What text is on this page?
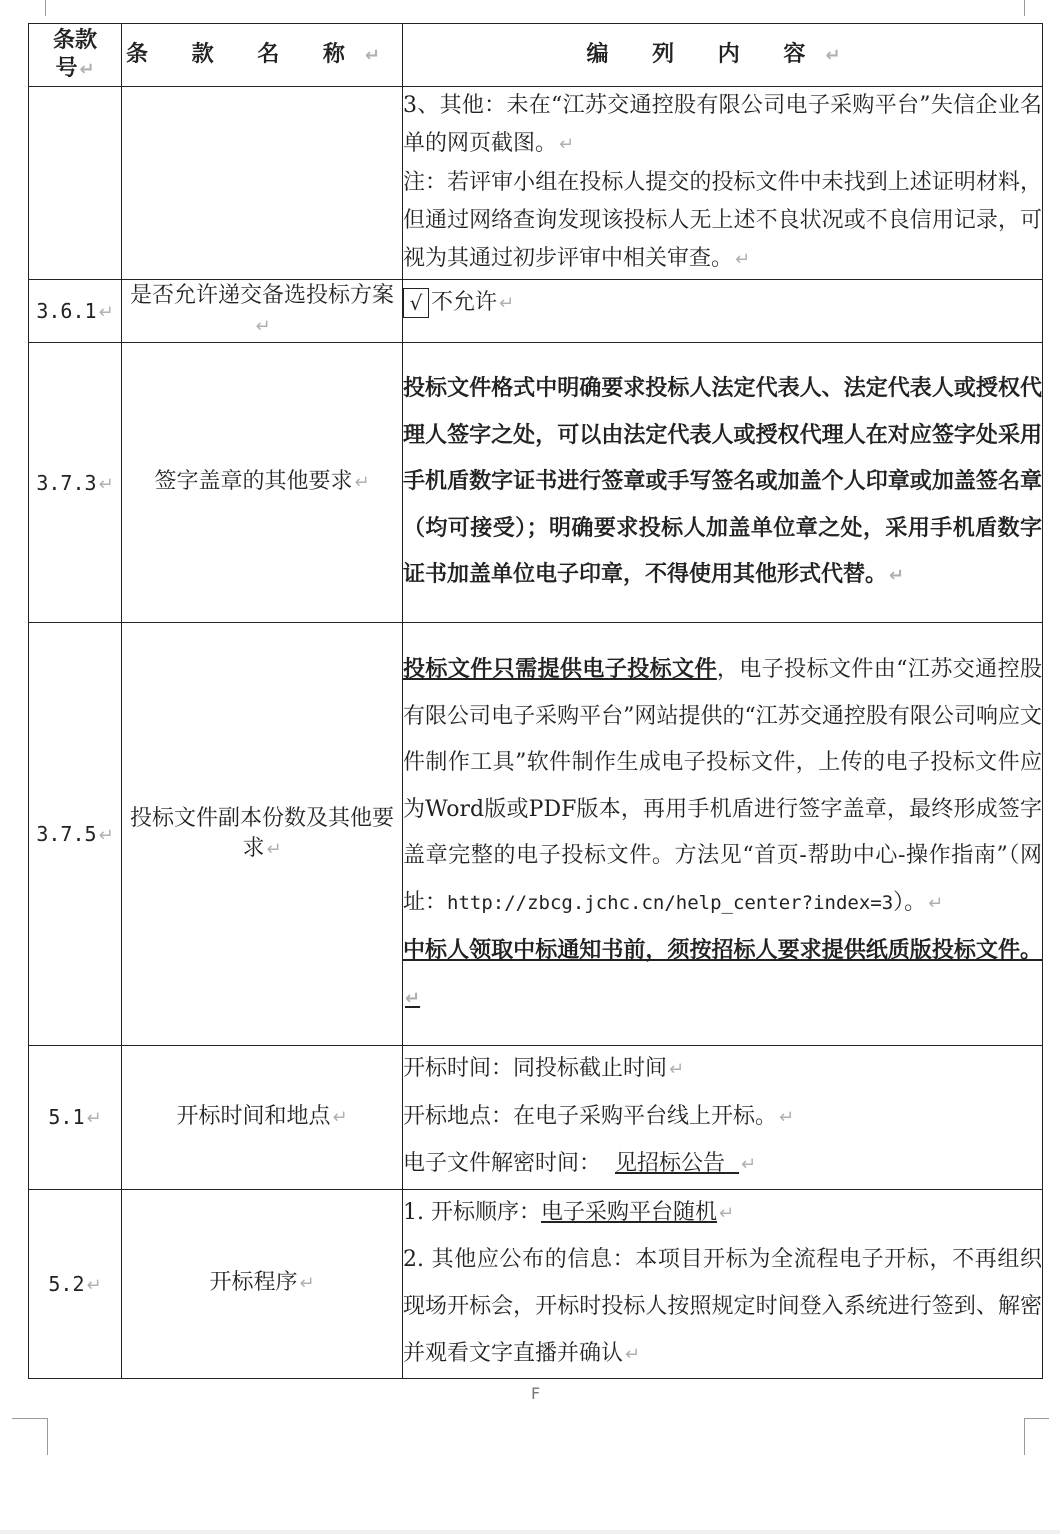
条款号 ↵	条 款 名 称 ↵	编 列 内 容 ↵

		3、其他：未在“江苏交通控股有限公司电子采购平台”失信企业名单的网页截图。 ↵

注：若评审小组在投标人提交的投标文件中未找到上述证明材料，但通过网络查询发现该投标人无上述不良状况或不良信用记录，可视为其通过初步评审中相关审查。 ↵

3.6.1 ↵	是否允许递交备选投标方案↵	√ 不允许 ↵
3.7.3 ↵	签字盖章的其他要求 ↵	投标文件格式中明确要求投标人法定代表人、法定代表人或授权代理人签字之处，可以由法定代表人或授权代理人在对应签字处采用手机盾数字证书进行签章或手写签名或加盖个人印章或加盖签名章（均可接受）；明确要求投标人加盖单位章之处，采用手机盾数字证书加盖单位电子印章，不得使用其他形式代替。 ↵

3.7.5 ↵	投标文件副本份数及其他要求 ↵	投标文件只需提供电子投标文件，电子投标文件由“江苏交通控股有限公司电子采购平台”网站提供的“江苏交通控股有限公司响应文件制作工具”软件制作生成电子投标文件，上传的电子投标文件应为Word版或PDF版本，再用手机盾进行签字盖章，最终形成签字盖章完整的电子投标文件。方法见“首页-帮助中心-操作指南”（网址：http://zbcg.jchc.cn/help_center?index=3）。 ↵

中标人领取中标通知书前，须按招标人要求提供纸质版投标文件。↵

5.1 ↵	开标时间和地点 ↵	开标时间：同投标截止时间 ↵

开标地点：在电子采购平台线上开标。 ↵

电子文件解密时间： 见招标公告 ↵

5.2 ↵	开标程序 ↵	1. 开标顺序：电子采购平台随机 ↵

2. 其他应公布的信息：本项目开标为全流程电子开标，不再组织现场开标会，开标时投标人按照规定时间登入系统进行签到、解密并观看文字直播并确认 ↵

F
